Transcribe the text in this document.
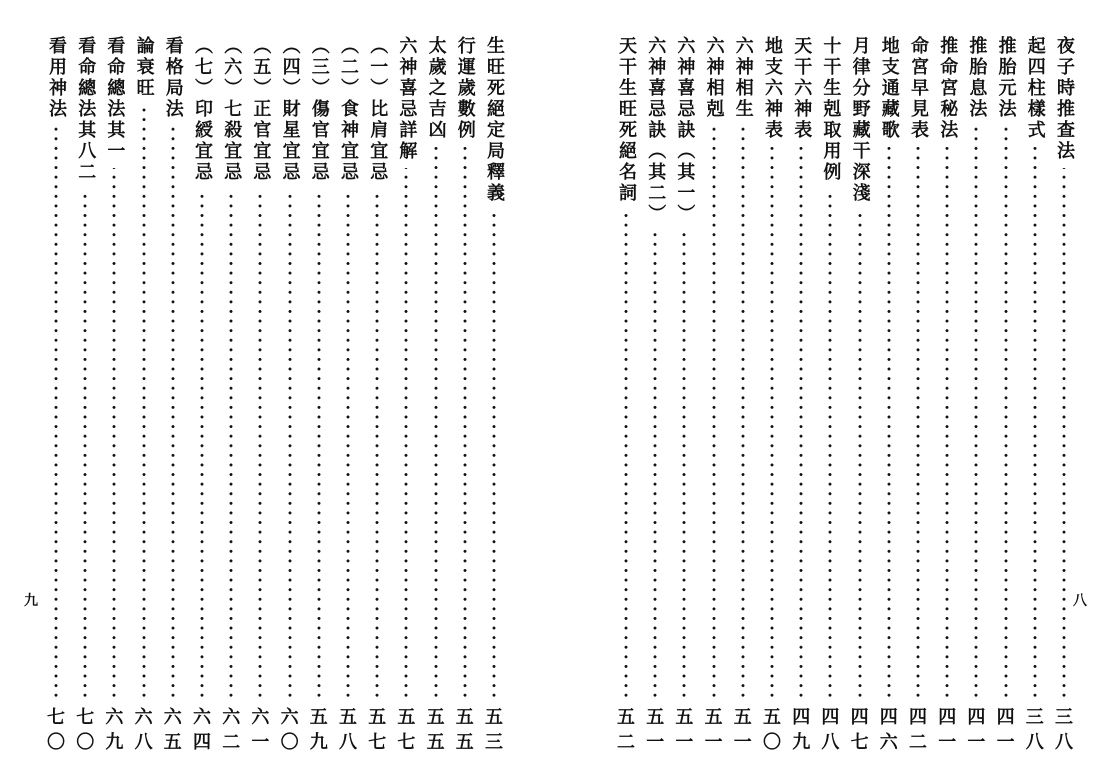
生旺死絕定局釋義
五
三
行運歲數例
五
五
太歲之吉凶
五
五
六神喜忌詳解
五
七
（一）比肩宜忌
五
七
（二）食神宜忌
五
八
（三）傷官宜忌
五
九
（四）財星宜忌
六
〇
（五）正官宜忌
六
一
（六）七殺宜忌
六
二
（七）印綬宜忌
六
四
看格局法
六
五
論衰旺
六
八
看命總法其一
六
九
看命總法其八二
七
〇
看用神法
七
〇
九
夜子時推查法
三
八
起四柱樣式
三
八
推胎元法
四
一
推胎息法
四
一
推命宮秘法
四
一
命宮早見表
四
二
地支通藏歌
四
六
月律分野藏干深淺
四
七
十干生剋取用例
四
八
天干六神表
四
九
地支六神表
五
〇
六神相生
五
一
六神相剋
五
一
六神喜忌訣（其一）
五
一
六神喜忌訣（其二）
五
一
天干生旺死絕名詞
五
二
八
